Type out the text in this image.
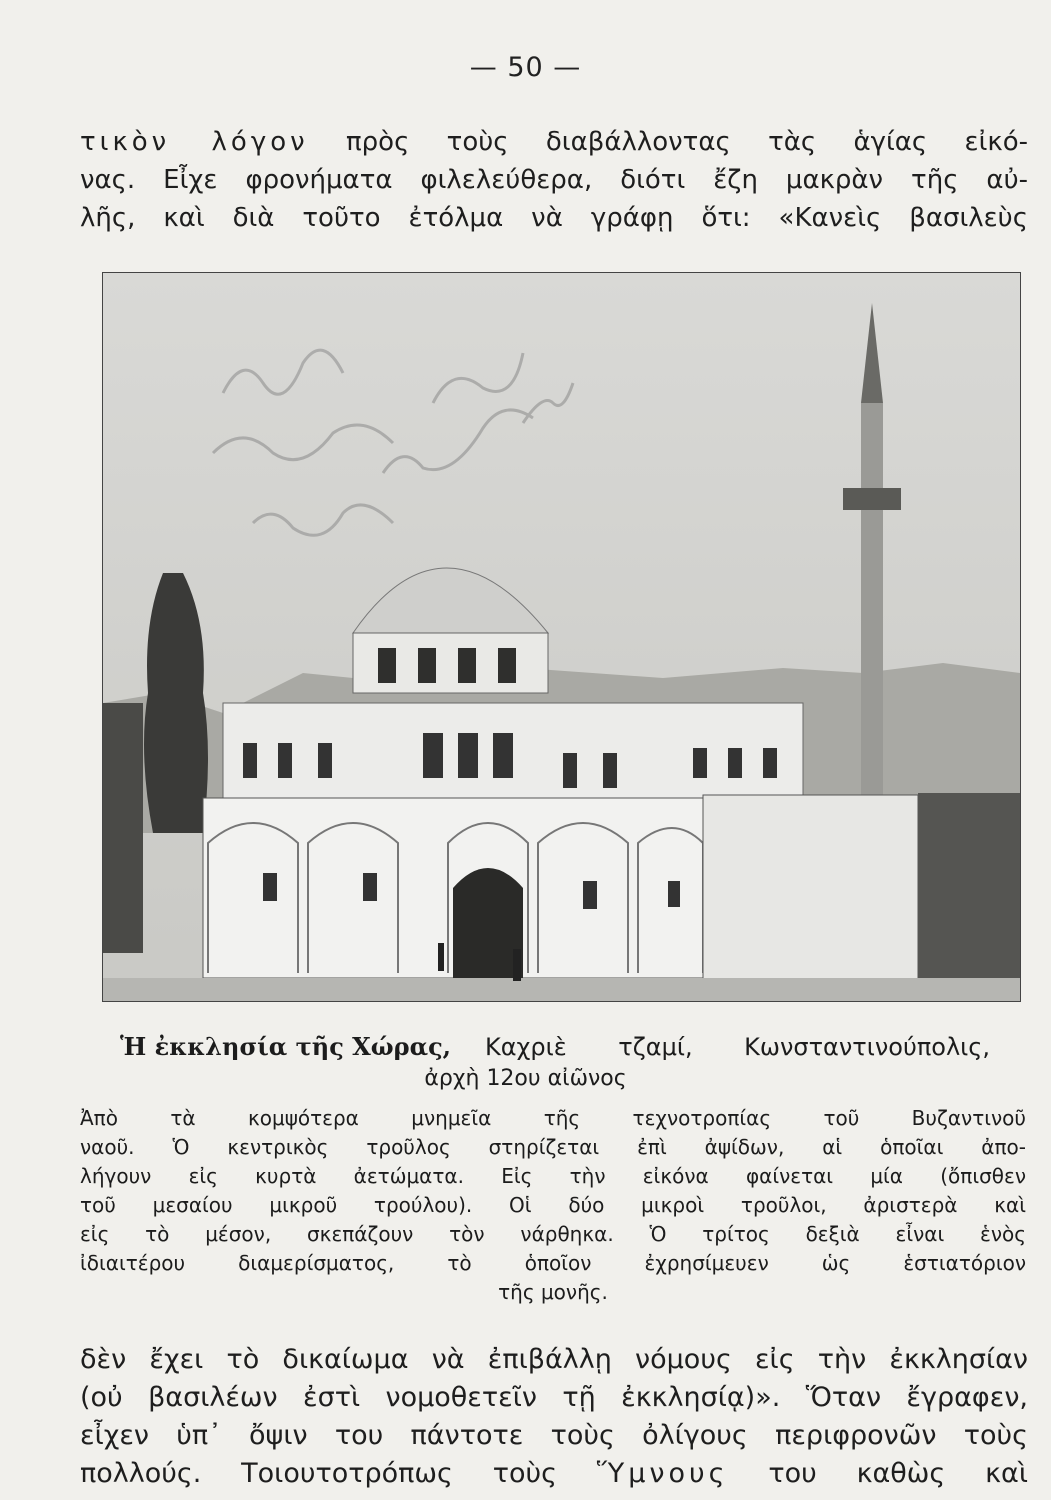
— 50 —
τικὸν λόγον πρὸς τοὺς διαβάλλοντας τὰς ἁγίας εἰκό-
νας. Εἶχε φρονήματα φιλελεύθερα, διότι ἔζη μακρὰν τῆς αὐ-
λῆς, καὶ διὰ τοῦτο ἐτόλμα νὰ γράφῃ ὅτι: «Κανεὶς βασιλεὺς
Ἡ ἐκκλησία τῆς Χώρας, Καχριὲ τζαμί, Κωνσταντινούπολις,
ἀρχὴ 12ου αἰῶνος
Ἀπὸ τὰ κομψότερα μνημεῖα τῆς τεχνοτροπίας τοῦ Βυζαντινοῦ
ναοῦ. Ὁ κεντρικὸς τροῦλος στηρίζεται ἐπὶ ἀψίδων, αἱ ὁποῖαι ἀπο-
λήγουν εἰς κυρτὰ ἀετώματα. Εἰς τὴν εἰκόνα φαίνεται μία (ὄπισθεν
τοῦ μεσαίου μικροῦ τρούλου). Οἱ δύο μικροὶ τροῦλοι, ἀριστερὰ καὶ
εἰς τὸ μέσον, σκεπάζουν τὸν νάρθηκα. Ὁ τρίτος δεξιὰ εἶναι ἑνὸς
ἰδιαιτέρου διαμερίσματος, τὸ ὁποῖον ἐχρησίμευεν ὡς ἑστιατόριον
τῆς μονῆς.
δὲν ἔχει τὸ δικαίωμα νὰ ἐπιβάλλῃ νόμους εἰς τὴν ἐκκλησίαν
(οὐ βασιλέων ἐστὶ νομοθετεῖν τῇ ἐκκλησίᾳ)». Ὅταν ἔγραφεν,
εἶχεν ὑπ᾽ ὄψιν του πάντοτε τοὺς ὀλίγους περιφρονῶν τοὺς
πολλούς. Τοιουτοτρόπως τοὺς Ὕμνους του καθὼς καὶ
